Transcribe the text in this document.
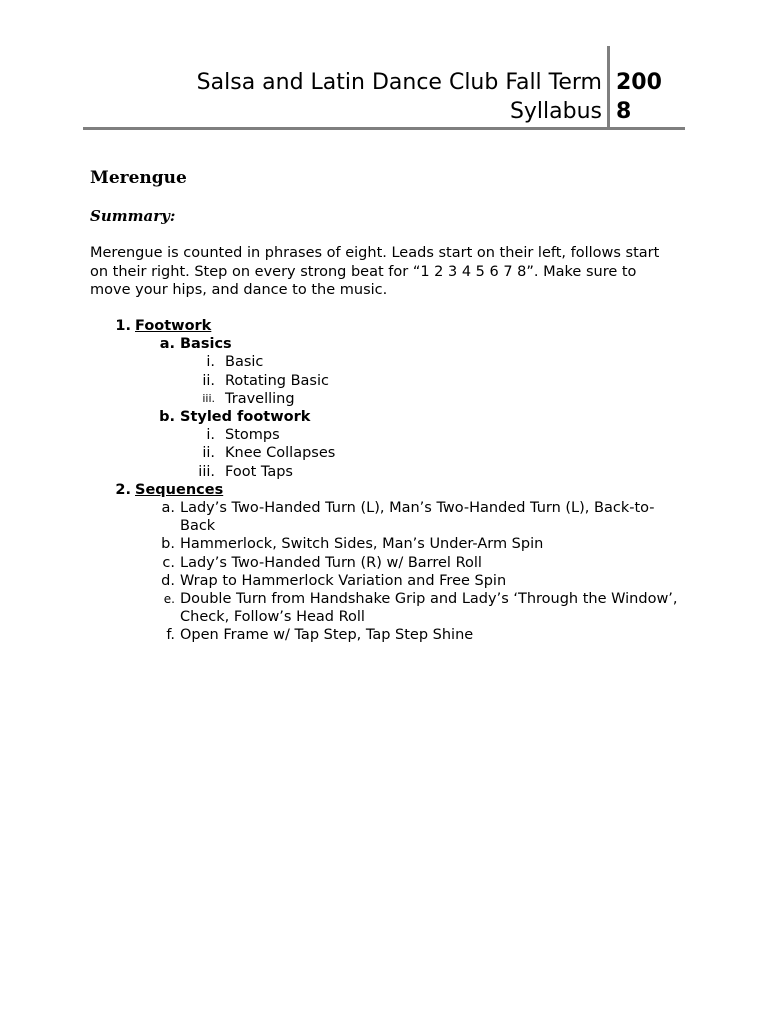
Salsa and Latin Dance Club Fall Term
Syllabus
2008
Merengue
Summary:

Merengue is counted in phrases of eight. Leads start on their left, follows start on their right. Step on every strong beat for “1 2 3 4 5 6 7 8”. Make sure to move your hips, and dance to the music.

1. Footwork
a. Basics
i. Basic
ii. Rotating Basic
iii. Travelling
b. Styled footwork
i. Stomps
ii. Knee Collapses
iii. Foot Taps
2. Sequences
a. Lady’s Two-Handed Turn (L), Man’s Two-Handed Turn (L), Back-to-Back
b. Hammerlock, Switch Sides, Man’s Under-Arm Spin
c. Lady’s Two-Handed Turn (R) w/ Barrel Roll
d. Wrap to Hammerlock Variation and Free Spin
e. Double Turn from Handshake Grip and Lady’s ‘Through the Window’, Check, Follow’s Head Roll
f. Open Frame w/ Tap Step, Tap Step Shine
